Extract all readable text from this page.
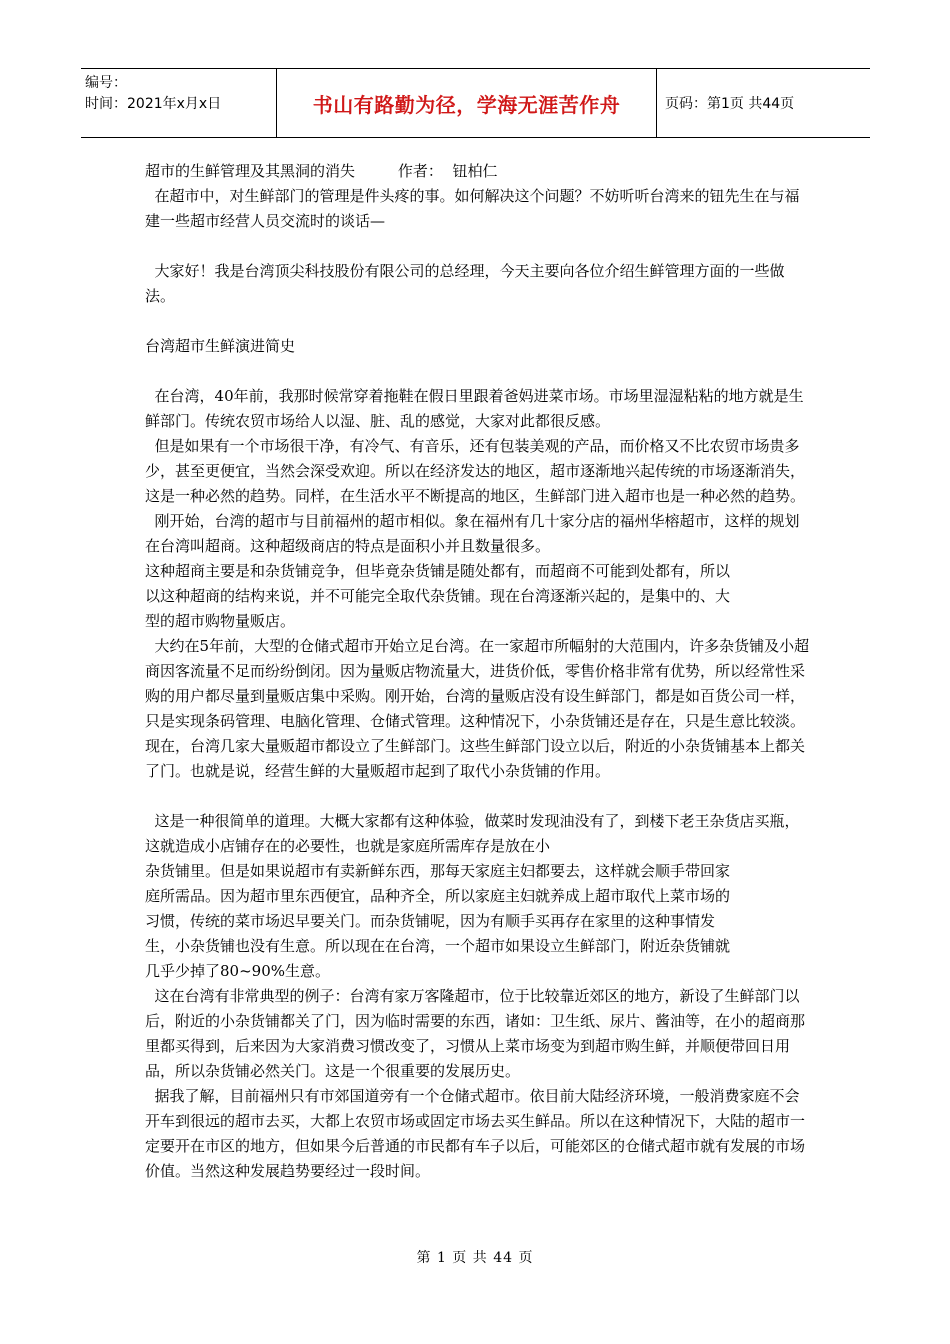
编号：
时间：2021年x月x日	书山有路勤为径，学海无涯苦作舟	页码：第1页 共44页

超市的生鲜管理及其黑洞的消失         作者：  钮柏仁

在超市中，对生鲜部门的管理是件头疼的事。如何解决这个问题？不妨听听台湾来的钮先生在与福建一些超市经营人员交流时的谈话—

大家好！我是台湾顶尖科技股份有限公司的总经理，今天主要向各位介绍生鲜管理方面的一些做法。

台湾超市生鲜演进简史

在台湾，40年前，我那时候常穿着拖鞋在假日里跟着爸妈进菜市场。市场里湿湿粘粘的地方就是生鲜部门。传统农贸市场给人以湿、脏、乱的感觉，大家对此都很反感。

但是如果有一个市场很干净，有冷气、有音乐，还有包装美观的产品，而价格又不比农贸市场贵多少，甚至更便宜，当然会深受欢迎。所以在经济发达的地区，超市逐渐地兴起传统的市场逐渐消失，这是一种必然的趋势。同样，在生活水平不断提高的地区，生鲜部门进入超市也是一种必然的趋势。

刚开始，台湾的超市与目前福州的超市相似。象在福州有几十家分店的福州华榕超市，这样的规划在台湾叫超商。这种超级商店的特点是面积小并且数量很多。

这种超商主要是和杂货铺竞争，但毕竟杂货铺是随处都有，而超商不可能到处都有，所以以这种超商的结构来说，并不可能完全取代杂货铺。现在台湾逐渐兴起的，是集中的、大型的超市购物量贩店。

大约在5年前，大型的仓储式超市开始立足台湾。在一家超市所幅射的大范围内，许多杂货铺及小超商因客流量不足而纷纷倒闭。因为量贩店物流量大，进货价低，零售价格非常有优势，所以经常性采购的用户都尽量到量贩店集中采购。刚开始，台湾的量贩店没有设生鲜部门，都是如百货公司一样，只是实现条码管理、电脑化管理、仓储式管理。这种情况下，小杂货铺还是存在，只是生意比较淡。现在，台湾几家大量贩超市都设立了生鲜部门。这些生鲜部门设立以后，附近的小杂货铺基本上都关了门。也就是说，经营生鲜的大量贩超市起到了取代小杂货铺的作用。

这是一种很简单的道理。大概大家都有这种体验，做菜时发现油没有了，到楼下老王杂货店买瓶，这就造成小店铺存在的必要性，也就是家庭所需库存是放在小

杂货铺里。但是如果说超市有卖新鲜东西，那每天家庭主妇都要去，这样就会顺手带回家庭所需品。因为超市里东西便宜，品种齐全，所以家庭主妇就养成上超市取代上菜市场的习惯，传统的菜市场迟早要关门。而杂货铺呢，因为有顺手买再存在家里的这种事情发生，小杂货铺也没有生意。所以现在在台湾，一个超市如果设立生鲜部门，附近杂货铺就几乎少掉了80~90%生意。

这在台湾有非常典型的例子：台湾有家万客隆超市，位于比较靠近郊区的地方，新设了生鲜部门以后，附近的小杂货铺都关了门，因为临时需要的东西，诸如：卫生纸、尿片、酱油等，在小的超商那里都买得到，后来因为大家消费习惯改变了，习惯从上菜市场变为到超市购生鲜，并顺便带回日用品，所以杂货铺必然关门。这是一个很重要的发展历史。

据我了解，目前福州只有市郊国道旁有一个仓储式超市。依目前大陆经济环境，一般消费家庭不会开车到很远的超市去买，大都上农贸市场或固定市场去买生鲜品。所以在这种情况下，大陆的超市一定要开在市区的地方，但如果今后普通的市民都有车子以后，可能郊区的仓储式超市就有发展的市场价值。当然这种发展趋势要经过一段时间。

第 1 页 共 44 页
